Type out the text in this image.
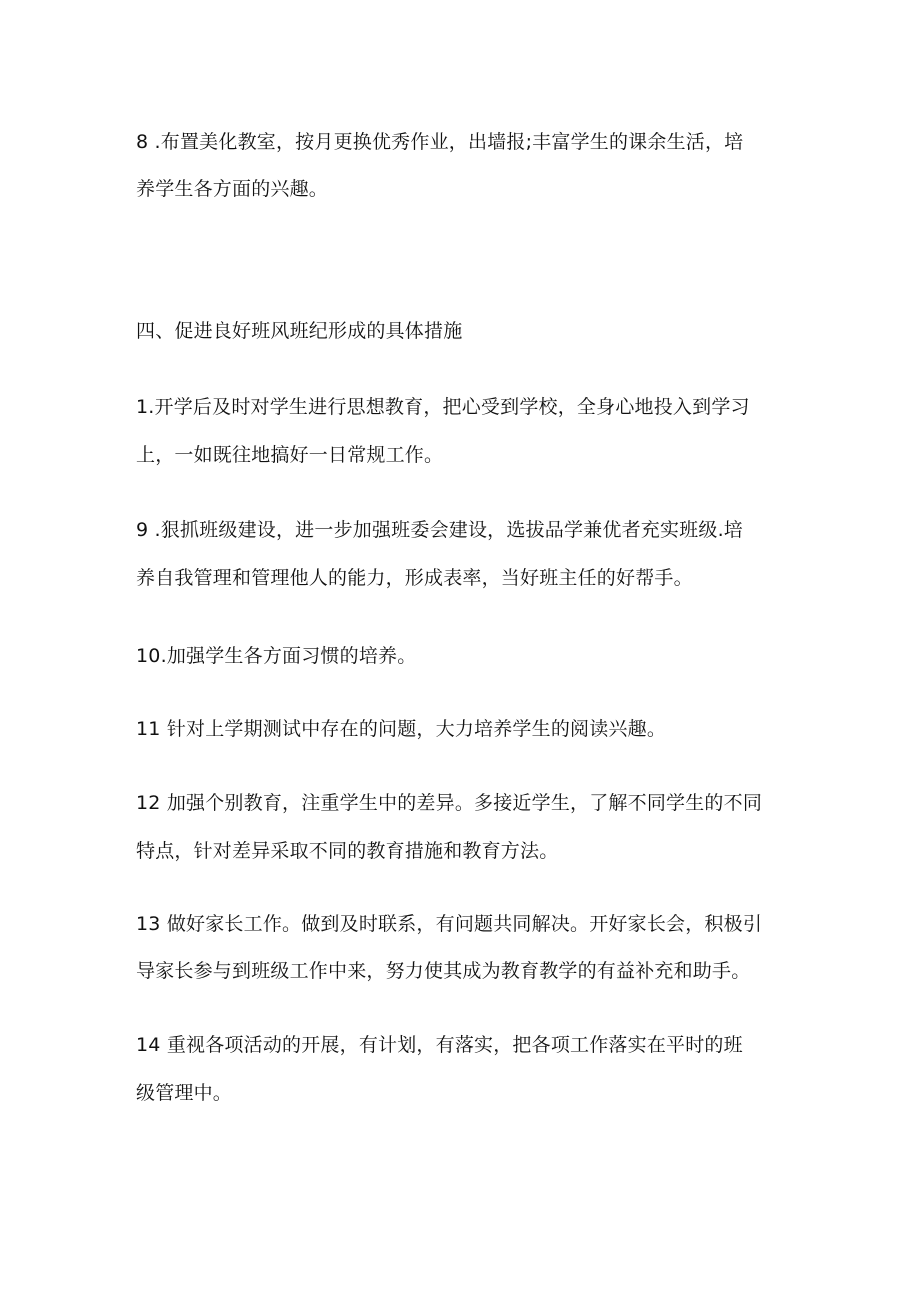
8 .布置美化教室，按月更换优秀作业，出墙报;丰富学生的课余生活，培
养学生各方面的兴趣。
四、促进良好班风班纪形成的具体措施
1.开学后及时对学生进行思想教育，把心受到学校，全身心地投入到学习
上，一如既往地搞好一日常规工作。
9 .狠抓班级建设，进一步加强班委会建设，选拔品学兼优者充实班级.培
养自我管理和管理他人的能力，形成表率，当好班主任的好帮手。
10.加强学生各方面习惯的培养。
11 针对上学期测试中存在的问题，大力培养学生的阅读兴趣。
12 加强个别教育，注重学生中的差异。多接近学生，了解不同学生的不同
特点，针对差异采取不同的教育措施和教育方法。
13 做好家长工作。做到及时联系，有问题共同解决。开好家长会，积极引
导家长参与到班级工作中来，努力使其成为教育教学的有益补充和助手。
14 重视各项活动的开展，有计划，有落实，把各项工作落实在平时的班
级管理中。
